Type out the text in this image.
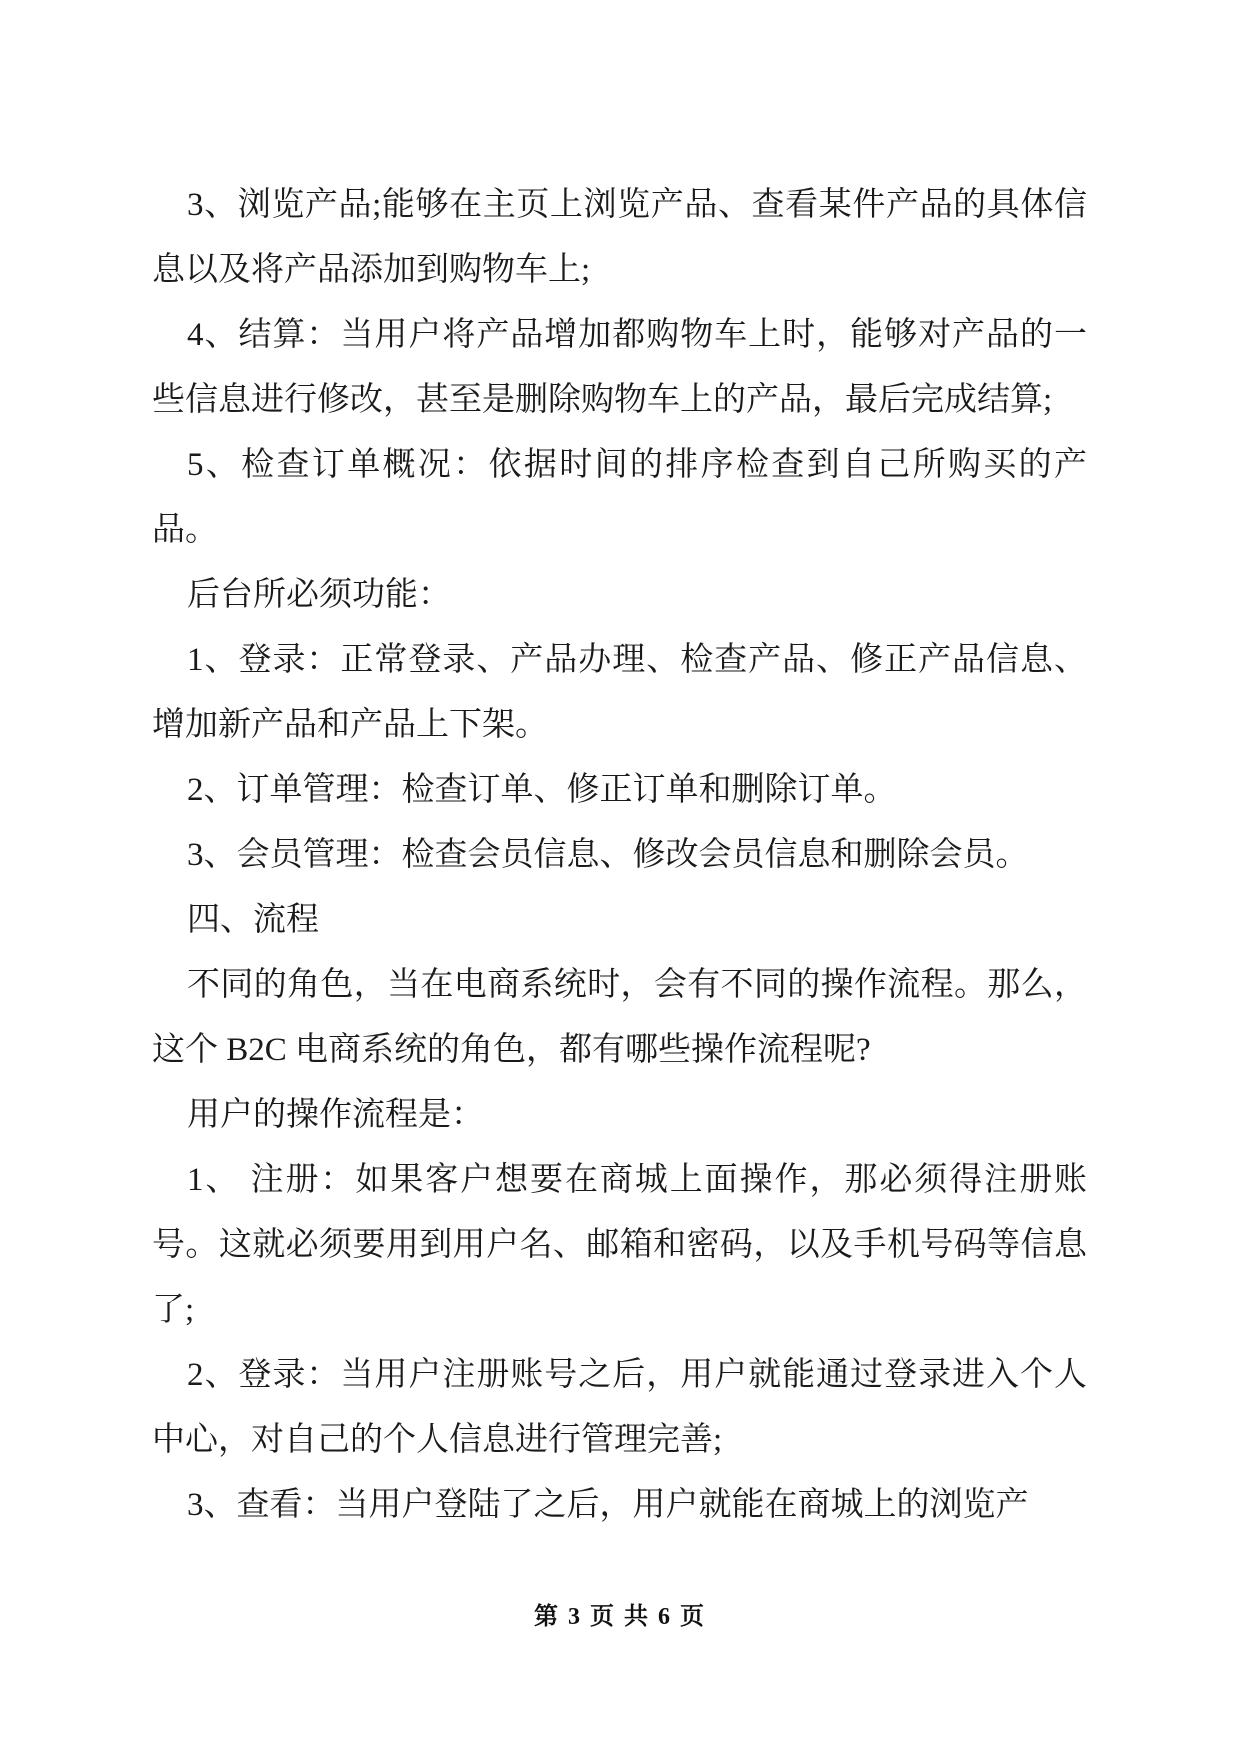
3、浏览产品;能够在主页上浏览产品、查看某件产品的具体信息以及将产品添加到购物车上;

4、结算：当用户将产品增加都购物车上时，能够对产品的一些信息进行修改，甚至是删除购物车上的产品，最后完成结算;

5、检查订单概况：依据时间的排序检查到自己所购买的产品。

后台所必须功能：

1、登录：正常登录、产品办理、检查产品、修正产品信息、增加新产品和产品上下架。

2、订单管理：检查订单、修正订单和删除订单。

3、会员管理：检查会员信息、修改会员信息和删除会员。

四、流程

不同的角色，当在电商系统时，会有不同的操作流程。那么，这个 B2C 电商系统的角色，都有哪些操作流程呢?

用户的操作流程是：

1、 注册：如果客户想要在商城上面操作，那必须得注册账号。这就必须要用到用户名、邮箱和密码，以及手机号码等信息了;

2、登录：当用户注册账号之后，用户就能通过登录进入个人中心，对自己的个人信息进行管理完善;

3、查看：当用户登陆了之后，用户就能在商城上的浏览产

第 3 页 共 6 页
